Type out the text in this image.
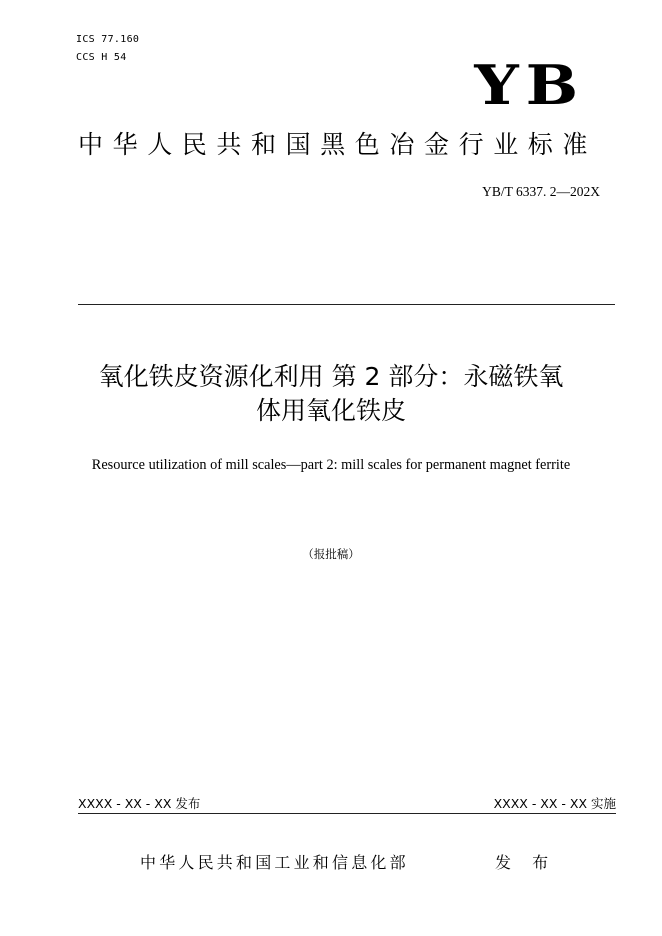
ICS 77.160
CCS H 54	YB
中华人民共和国黑色冶金行业标准
YB/T 6337. 2—202X
氧化铁皮资源化利用 第 2 部分：永磁铁氧
体用氧化铁皮
Resource utilization of mill scales—part 2: mill scales for permanent magnet ferrite
（报批稿）
XXXX - XX - XX 发布	XXXX - XX - XX 实施
中华人民共和国工业和信息化部	发 布
